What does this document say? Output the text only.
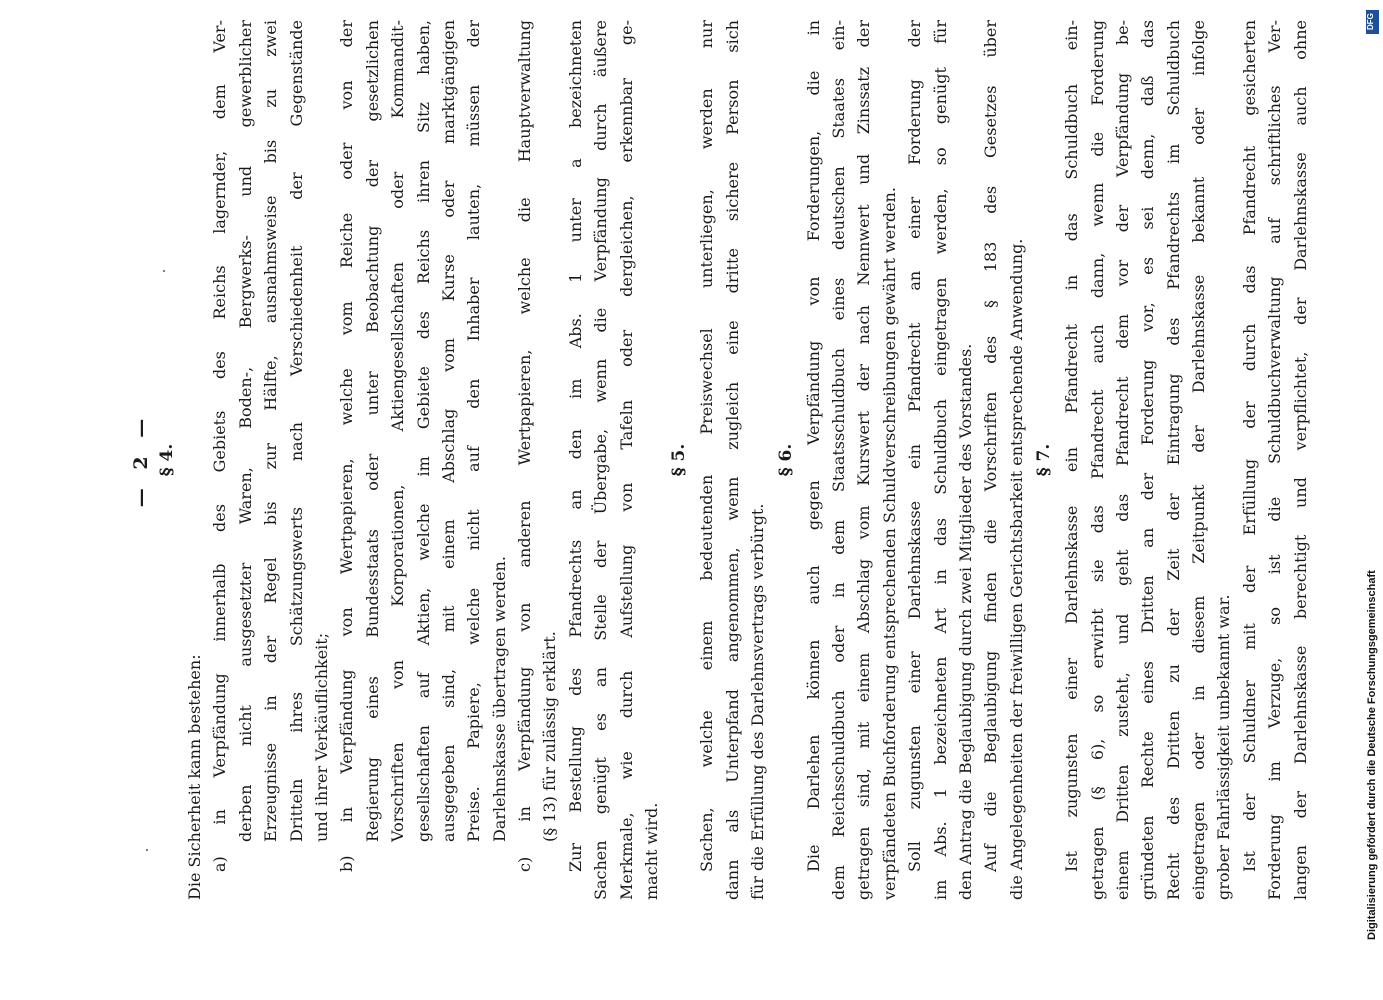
— 2 — § 4.
Die Sicherheit kann bestehen: a) in Verpfändung innerhalb des Gebiets des Reichs lagernder, dem Ver- derben nicht ausgesetzter Waren, Boden-, Bergwerks- und gewerblicher Erzeugnisse in der Regel bis zur Hälfte, ausnahmsweise bis zu zwei Dritteln ihres Schätzungswerts nach Verschiedenheit der Gegenstände und ihrer Verkäuflichkeit; b) in Verpfändung von Wertpapieren, welche vom Reiche oder von der Regierung eines Bundesstaats oder unter Beobachtung der gesetzlichen Vorschriften von Korporationen, Aktiengesellschaften oder Kommandit- gesellschaften auf Aktien, welche im Gebiete des Reichs ihren Sitz haben, ausgegeben sind, mit einem Abschlag vom Kurse oder marktgängigen Preise. Papiere, welche nicht auf den Inhaber lauten, müssen der Darlehnskasse übertragen werden. c) in Verpfändung von anderen Wertpapieren, welche die Hauptverwaltung (§ 13) für zulässig erklärt. Zur Bestellung des Pfandrechts an den im Abs. 1 unter a bezeichneten Sachen genügt es an Stelle der Übergabe, wenn die Verpfändung durch äußere Merkmale, wie durch Aufstellung von Tafeln oder dergleichen, erkennbar ge- macht wird.
§ 5. Sachen, welche einem bedeutenden Preiswechsel unterliegen, werden nur dann als Unterpfand angenommen, wenn zugleich eine dritte sichere Person sich für die Erfüllung des Darlehnsvertrags verbürgt.
§ 6. Die Darlehen können auch gegen Verpfändung von Forderungen, die in dem Reichsschuldbuch oder in dem Staatsschuldbuch eines deutschen Staates ein- getragen sind, mit einem Abschlag vom Kurswert der nach Nennwert und Zinssatz der verpfändeten Buchforderung entsprechenden Schuldverschreibungen gewährt werden. Soll zugunsten einer Darlehnskasse ein Pfandrecht an einer Forderung der im Abs. 1 bezeichneten Art in das Schuldbuch eingetragen werden, so genügt für den Antrag die Beglaubigung durch zwei Mitglieder des Vorstandes. Auf die Beglaubigung finden die Vorschriften des § 183 des Gesetzes über die Angelegenheiten der freiwilligen Gerichtsbarkeit entsprechende Anwendung. § 7. Ist zugunsten einer Darlehnskasse ein Pfandrecht in das Schuldbuch ein- getragen (§ 6), so erwirbt sie das Pfandrecht auch dann, wenn die Forderung einem Dritten zusteht, und geht das Pfandrecht dem vor der Verpfändung be- gründeten Rechte eines Dritten an der Forderung vor, es sei denn, daß das Recht des Dritten zu der Zeit der Eintragung des Pfandrechts im Schuldbuch eingetragen oder in diesem Zeitpunkt der Darlehnskasse bekannt oder infolge grober Fahrlässigkeit unbekannt war. Ist der Schuldner mit der Erfüllung der durch das Pfandrecht gesicherten Forderung im Verzuge, so ist die Schuldbuchverwaltung auf schriftliches Ver- langen der Darlehnskasse berechtigt und verpflichtet, der Darlehnskasse auch ohne	DFG
Digitalisierung gefördert durch die Deutsche Forschungsgemeinschaft
